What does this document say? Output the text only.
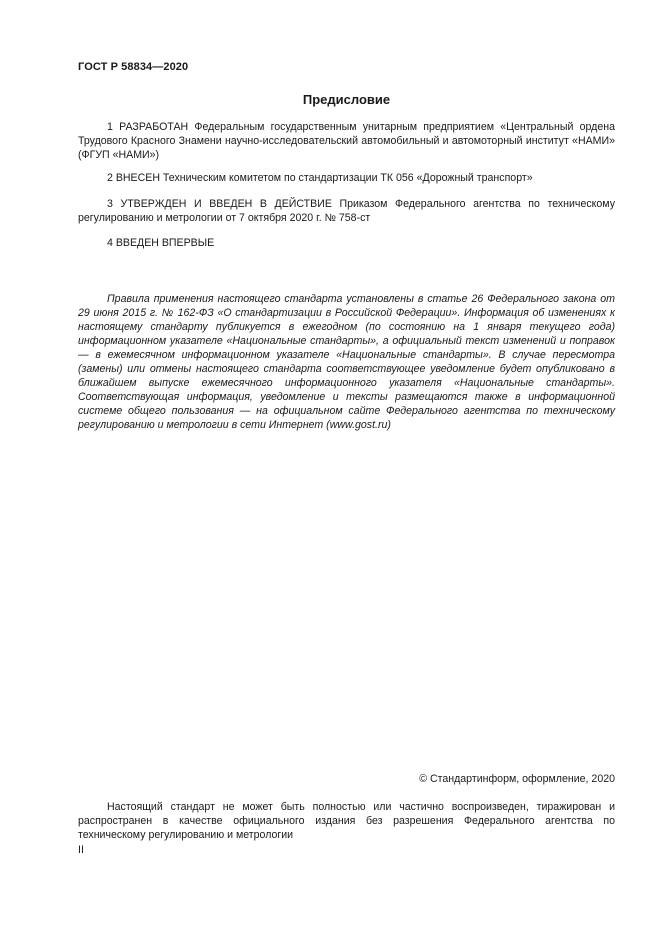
ГОСТ Р 58834—2020
Предисловие

1 РАЗРАБОТАН Федеральным государственным унитарным предприятием «Центральный ордена Трудового Красного Знамени научно-исследовательский автомобильный и автомоторный институт «НАМИ» (ФГУП «НАМИ»)

2 ВНЕСЕН Техническим комитетом по стандартизации ТК 056 «Дорожный транспорт»

3 УТВЕРЖДЕН И ВВЕДЕН В ДЕЙСТВИЕ Приказом Федерального агентства по техническому регулированию и метрологии от 7 октября 2020 г. № 758-ст

4 ВВЕДЕН ВПЕРВЫЕ

Правила применения настоящего стандарта установлены в статье 26 Федерального закона от 29 июня 2015 г. № 162-ФЗ «О стандартизации в Российской Федерации». Информация об изменениях к настоящему стандарту публикуется в ежегодном (по состоянию на 1 января текущего года) информационном указателе «Национальные стандарты», а официальный текст изменений и поправок — в ежемесячном информационном указателе «Национальные стандарты». В случае пересмотра (замены) или отмены настоящего стандарта соответствующее уведомление будет опубликовано в ближайшем выпуске ежемесячного информационного указателя «Национальные стандарты». Соответствующая информация, уведомление и тексты размещаются также в информационной системе общего пользования — на официальном сайте Федерального агентства по техническому регулированию и метрологии в сети Интернет (www.gost.ru)

© Стандартинформ, оформление, 2020

Настоящий стандарт не может быть полностью или частично воспроизведен, тиражирован и распространен в качестве официального издания без разрешения Федерального агентства по техническому регулированию и метрологии

II
